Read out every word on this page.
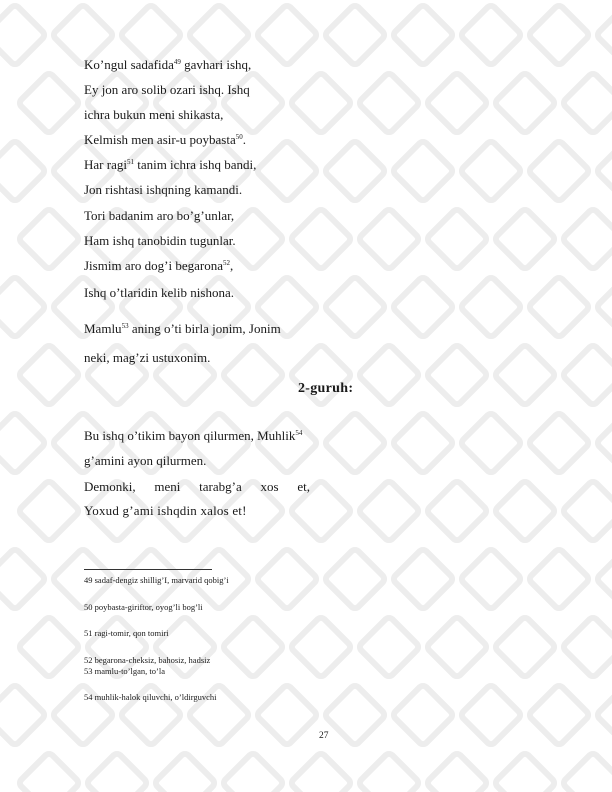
Ko’ngul sadafida$^{49}$ gavhari ishq,
Ey jon aro solib ozari ishq. Ishq
ichra bukun meni shikasta,
Kelmish men asir-u poybasta$^{50}$.
Har ragi$^{51}$ tanim ichra ishq bandi,
Jon rishtasi ishqning kamandi.
Tori badanim aro bo’g’unlar,
Ham ishq tanobidin tugunlar.
Jismim aro dog’i begarona$^{52}$,
Ishq o’tlaridin kelib nishona.
Mamlu$^{53}$ aning o’ti birla jonim, Jonim
neki, mag’zi ustuxonim.
2-guruh:
Bu ishq o’tikim bayon qilurmen, Muhlik$^{54}$
g’amini ayon qilurmen.
Demonki, meni tarabg’a xos et,
Yoxud g’ami ishqdin xalos et!
49 sadaf-dengiz shillig’I, marvarid qobig’i
50 poybasta-giriftor, oyog’li bog’li
51 ragi-tomir, qon tomiri
52 begarona-cheksiz, bahosiz, hadsiz
53 mamlu-to’lgan, to’la
54 muhlik-halok qiluvchi, o’ldirguvchi
27
